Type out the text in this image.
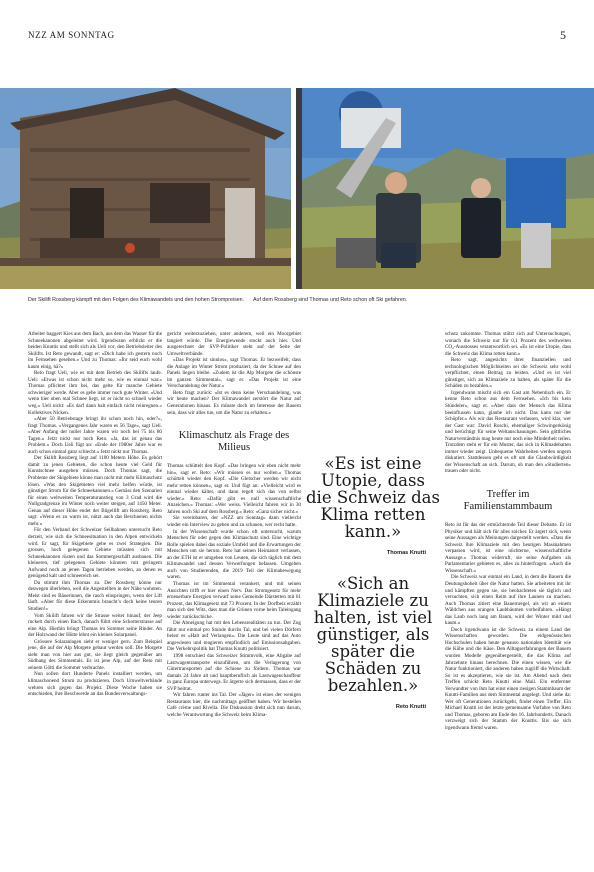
NZZ AM SONNTAG	5
Der Skilift Rossberg kämpft mit den Folgen des Klimawandels und den hohen Strompreisen. Auf dem Rossberg sind Thomas und Reto schon oft Ski gefahren.

Arbeiter baggert Kies aus dem Bach, aus dem das Wasser für die Schneekanonen abgeleitet wird. Irgendwann erblickt er die beiden Knuttis und stellt sich als Ueli vor, den Betriebsleiter des Skilifts. Ist Reto gewandt, sagt er: «Dich habe ich gestern noch im Fernsehen gesehen.» Und zu Thomas: «Ihr seid euch wohl kaum einig, hä?»

Reto fragt Ueli, wie es mit dem Betrieb des Skilifts laufe. Ueli: «Etwas ist schon nicht mehr so, wie es einmal war.» Thomas pflichtet ihm bei, das gelte für manche Gebiete schwieriger werde. Aber es gebe immer noch gute Winter. «Und wenn hier oben mal Schnee liegt, ist er nicht so schnell wieder weg.» Ueli nickt: «Es darf dann halt einfach nicht reinregnen.» Kollektives Nicken.

«Aber 50 Betriebstage bringt ihr schon noch hin, oder?», fragt Thomas. «Vergangenes Jahr waren es 56 Tage», sagt Ueli. «Aber Anfang der nuller Jahre waren wir noch bei 75 bis 80 Tagen.» Jetzt nickt nur noch Reto. «Ja, das ist genau das Problem.» Doch Ueli fügt an: «Ende der 1980er Jahre war es auch schon einmal ganz schlecht.» Jetzt nickt nur Thomas.

Der Skilift Rossberg liegt auf 1100 Metern Höhe. Es gehört damit zu jenen Gebieten, die schon heute viel Geld für Kunstschnee ausgeben müssen. Doch Thomas sagt, die Probleme der Skigebiete könne man nicht mit mehr Klimaschutz lösen. «Was den Skigebieten viel mehr helfen würde, ist günstiger Strom für die Schneekanonen.» Gemäss den Szenarien für einen weltweiten Temperaturanstieg von 3 Grad wird die Nullgradgrenze im Winter noch weiter steigen, auf 1450 Meter. Genau auf dieser Höhe endet der Bügellift am Rossberg. Reto sagt: «Wenn es zu warm ist, nützt auch das Beschneien nichts mehr.»

Für den Verband der Schweizer Seilbahnen untersucht Reto derzeit, wie sich die Schneesituation in den Alpen entwickeln wird. Er sagt, für Skigebiete gebe es zwei Strategien. Die grossen, hoch gelegenen Gebiete müssten sich mit Schneekanonen rüsten und das Sommergeschäft ausbauen. Die kleineren, tief gelegenen Gebiete könnten mit geringem Aufwand noch an jenen Tagen betrieben werden, an denen es genügend kalt und schneereich sei.

Da stimmt ihm Thomas zu. Der Rossberg könne nur deswegen überleben, weil die Angestellten in der Nähe wohnten. Meist sind es Bäuerinnen, die rasch einspringen, wenn der Lift läuft. «Aber für diese Erkenntnis braucht’s doch keine teuren Studien!»

Vom Skilift fahren wir die Strasse weiter hinauf, der Jeep ruckelt durch einen Bach, danach führt eine Schotterstrasse auf eine Alp. Hierhin bringt Thomas im Sommer seine Rinder. An der Holzwand der Hütte lehnt ein kleines Solarpanel.

Grössere Solaranlagen sieht er weniger gern. Zum Beispiel jene, die auf der Alp Morgete gebaut werden soll. Die Morgete sieht man von hier aus gut, sie liegt gleich gegenüber am Südhang des Simmentals. Es ist jene Alp, auf der Reto mit seinem Götti die Sommer verbrachte.

Nun sollen dort Hunderte Panels installiert werden, um klimaschonend Strom zu produzieren. Doch Umweltverbände wehren sich gegen das Projekt. Diese Woche haben sie entschieden, ihre Beschwerde an das Bundesverwaltungs-

gericht weiterzuziehen, unter anderem, weil ein Moorgebiet tangiert würde. Die Energiewende stockt auch hier. Und ausgerechnet der SVP-Politiker steht auf der Seite der Umweltverbände.

«Das Projekt ist sinnlos», sagt Thomas. Er bezweifelt, dass die Anlage im Winter Strom produziert, da der Schnee auf den Panels liegen bleibe. «Zudem ist die Alp Morgete die schönste im ganzen Simmental», sagt er. «Das Projekt ist eine Verschandelung der Natur.»

Reto fragt zurück: «Ist es denn keine Verschandelung, was wir heute machen? Der Klimawandel zerstört die Natur auf Generationen hinaus. Es müsste doch im Interesse der Bauern sein, dass wir alles tun, um die Natur zu erhalten.»

Klimaschutz als Frage des Milieus

Thomas schüttelt den Kopf. «Das bringen wir eben nicht mehr hin», sagt er. Reto: «Wir müssen es nur wollen.» Thomas schüttelt wieder den Kopf. «Die Gletscher werden wir nicht mehr retten können», sagt er. Und fügt an: «Vielleicht wird es einmal wieder kälter, und dann regelt sich das von selbst wieder.» Reto: «Dafür gibt es null wissenschaftliche Anzeichen.» Thomas: «Wer weiss. Vielleicht fahren wir in 30 Jahren noch Ski auf dem Rossberg.» Reto: «Ganz sicher nicht.»

Sie vereinbaren, der «NZZ am Sonntag» dann vielleicht wieder ein Interview zu geben und zu schauen, wer recht hatte.

In der Wissenschaft wurde schon oft untersucht, warum Menschen für oder gegen den Klimaschutz sind. Eine wichtige Rolle spielen dabei das soziale Umfeld und die Erwartungen der Menschen um sie herum. Reto hat seinen Heimatort verlassen, an der ETH ist er umgeben von Leuten, die sich täglich mit dem Klimawandel und dessen Verwerfungen befassen. Umgeben auch von Studierenden, die 2019 Teil der Klimabewegung waren.

Thomas ist im Simmental verankert, und mit seinen Ansichten trifft er hier einen Nerv. Das Stromgesetz für mehr erneuerbare Energien verwarf seine Gemeinde Därstetten mit 61 Prozent, das Klimagesetz mit 73 Prozent. In der Dorfbeiz erzählt man sich den Witz, dass man die Grünen vorne beim Taleingang wieder zurückschicke.

Die Abneigung hat mit den Lebensrealitäten zu tun. Der Zug fährt nur einmal pro Stunde durchs Tal, und bei vielen Dörfern heisst es «Halt auf Verlangen». Die Leute sind auf das Auto angewiesen und reagieren empfindlich auf Emissionsabgaben. Die Verkehrspolitik hat Thomas Knutti politisiert.

1998 entschied das Schweizer Stimmvolk, eine Abgabe auf Lastwagentransporte einzuführen, um die Verlagerung von Gütertransporten auf die Schiene zu fördern. Thomas war damals 24 Jahre alt und hauptberuflich als Lastwagenchauffeur in ganz Europa unterwegs. Er ärgerte sich dermassen, dass er der SVP beitrat.

Wir fahren runter ins Tal. Der «Jäger» ist eines der wenigen Restaurants hier, die nachmittags geöffnet haben. Wir bestellen Café crème und Rivella. Die Diskussion dreht sich nun darum, welche Verantwortung die Schweiz beim Klima-

«Es ist eine Utopie, dass die Schweiz das Klima retten kann.»
Thomas Knutti
«Sich an Klimaziele zu halten, ist viel günstiger, als später die Schäden zu bezahlen.»
Reto Knutti

schutz zukomme. Thomas stützt sich auf Untersuchungen, wonach die Schweiz nur für 0,1 Prozent des weltweiten CO₂-Ausstosses verantwortlich sei. «Es ist eine Utopie, dass die Schweiz das Klima retten kann.»

Reto sagt, angesichts ihrer finanziellen und technologischen Möglichkeiten sei die Schweiz sehr wohl verpflichtet, einen Beitrag zu leisten. «Und es ist viel günstiger, sich an Klimaziele zu halten, als später für die Schäden zu bezahlen.»

Irgendwann mischt sich ein Gast am Nebentisch ein. Er kenne Reto schon aus dem Fernsehen. «Ich bis kein Stündeler», sagt er. «Aber dass der Mensch das Klima beeinflussen kann, glaube ich nicht. Das kann nur der Schöpfer.» Als wir das Restaurant verlassen, wird klar, wer der Gast war: David Roschi, ehemaliger Schwingerkönig und berüchtigt für seine Weltanschauungen. Sein göttliches Naturverständnis mag heute nur noch eine Minderheit teilen. Trotzdem steht er für ein Muster, das sich in Klimadebatten immer wieder zeigt. Unbequeme Wahrheiten werden ungern diskutiert. Stattdessen geht es oft um die Glaubwürdigkeit der Wissenschaft an sich. Darum, ob man den «Studierten» trauen oder nicht.

Treffer im Familienstammbaum

Reto ist für das der ermüchternde Teil dieser Debatte. Er ist Physiker und hält sich für alles solcher. Er ärgert sich, wenn seine Aussagen als Meinungen dargestellt werden. «Dass die Schweiz ihre Klimaziele mit den heutigen Massnahmen verpassen wird, ist eine nüchterne, wissenschaftliche Aussage.» Thomas widerruft, sie seine Aufgaben als Parlamentarier gebieten es, alles zu hinterfragen. «Auch die Wissenschaft.»

Die Schweiz war einmal ein Land, in dem die Bauern die Deutungshoheit über die Natur hatten. Sie arbeiteten mit ihr und kämpften gegen sie, sie beobachteten sie täglich und versuchten, sich einen Reim auf ihre Launen zu machen. Auch Thomas zitiert eine Bauernregel, als wir an einem Wäldchen aus orangen Laubbäumen vorbeifahren. «Hängt das Laub noch lang am Baum, wird der Winter mild und kaum.»

Doch irgendwann ist die Schweiz zu einem Land der Wissenschaften geworden. Die eidgenössischen Hochschulen haben heute genauso nationalen Identität wie die Kühe und die Käse. Den Alltagserfahrungen der Bauern wurden Modelle gegenübergestellt, die das Klima auf Jahrzehnte hinaus berechnen. Die einen wissen, wie die Natur funktioniert, die anderen haben zugriff die Wirtschaft. So ist es akzeptieren, wie sie ist. Am Abend nach dem Treffen schickt Reto Knutti eine Mail. Ein entfernter Verwandter von ihm hat einst einen riesigen Stammbaum der Knutti-Familien aus dem Simmental angelegt. Und siehe da: Wer oft Generationen zurückgeht, findet einen Treffer. Ein Michael Knutti ist der letzte gemeinsame Vorfahre von Reto und Thomas, geboren am Ende des 16. Jahrhunderts. Danach verzweigt sich der Stamm der Knuttis. Bis sie sich irgendwann fremd waren.
